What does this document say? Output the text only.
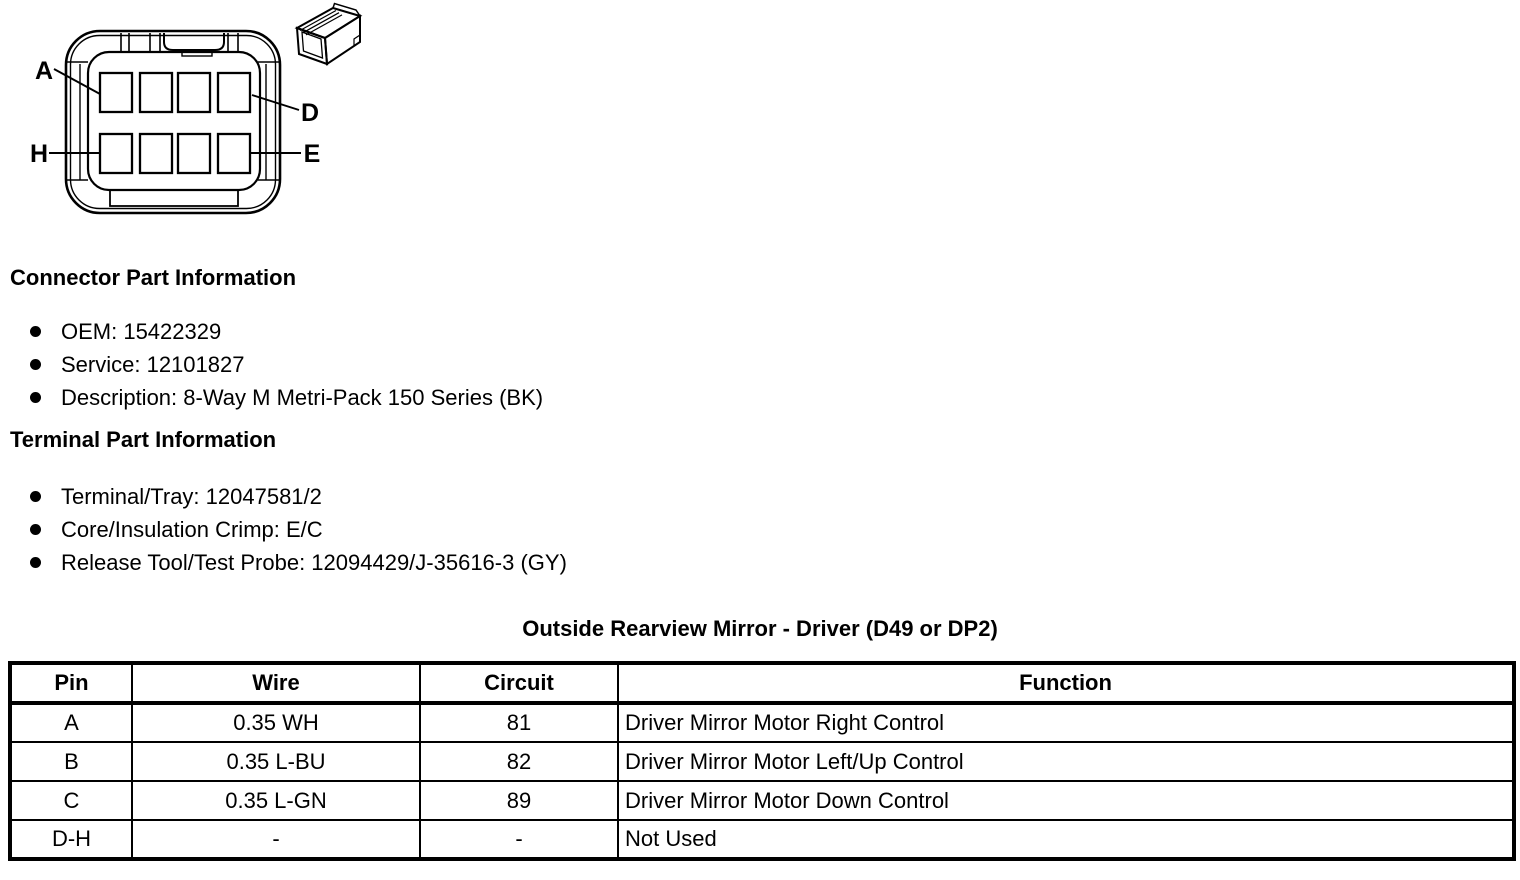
A
D
H	E
Connector Part Information
OEM: 15422329
Service: 12101827
Description: 8-Way M Metri-Pack 150 Series (BK)
Terminal Part Information
Terminal/Tray: 12047581/2
Core/Insulation Crimp: E/C
Release Tool/Test Probe: 12094429/J-35616-3 (GY)
Outside Rearview Mirror - Driver (D49 or DP2)
Pin	Wire	Circuit	Function
A	0.35 WH	81	Driver Mirror Motor Right Control
B	0.35 L-BU	82	Driver Mirror Motor Left/Up Control
C	0.35 L-GN	89	Driver Mirror Motor Down Control
D-H	-	-	Not Used
